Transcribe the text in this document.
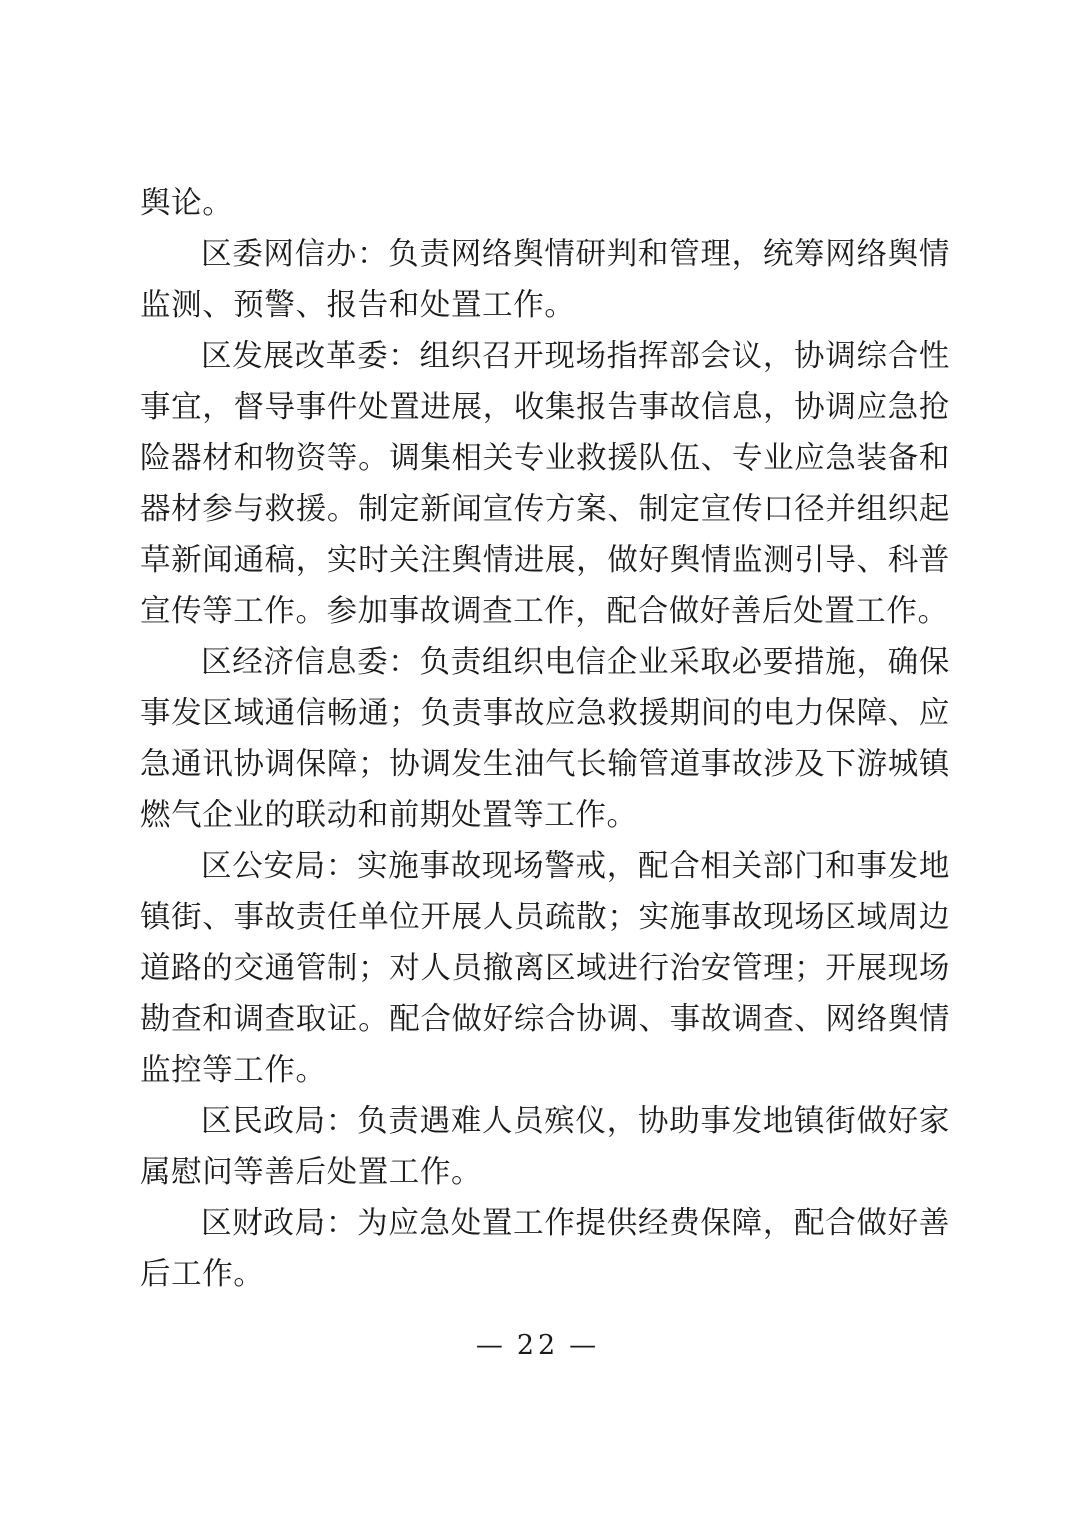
舆论。

区委网信办：负责网络舆情研判和管理，统筹网络舆情监测、预警、报告和处置工作。

区发展改革委：组织召开现场指挥部会议，协调综合性事宜，督导事件处置进展，收集报告事故信息，协调应急抢险器材和物资等。调集相关专业救援队伍、专业应急装备和器材参与救援。制定新闻宣传方案、制定宣传口径并组织起草新闻通稿，实时关注舆情进展，做好舆情监测引导、科普宣传等工作。参加事故调查工作，配合做好善后处置工作。

区经济信息委：负责组织电信企业采取必要措施，确保事发区域通信畅通；负责事故应急救援期间的电力保障、应急通讯协调保障；协调发生油气长输管道事故涉及下游城镇燃气企业的联动和前期处置等工作。

区公安局：实施事故现场警戒，配合相关部门和事发地镇街、事故责任单位开展人员疏散；实施事故现场区域周边道路的交通管制；对人员撤离区域进行治安管理；开展现场勘查和调查取证。配合做好综合协调、事故调查、网络舆情监控等工作。

区民政局：负责遇难人员殡仪，协助事发地镇街做好家属慰问等善后处置工作。

区财政局：为应急处置工作提供经费保障，配合做好善后工作。

— 22 —
